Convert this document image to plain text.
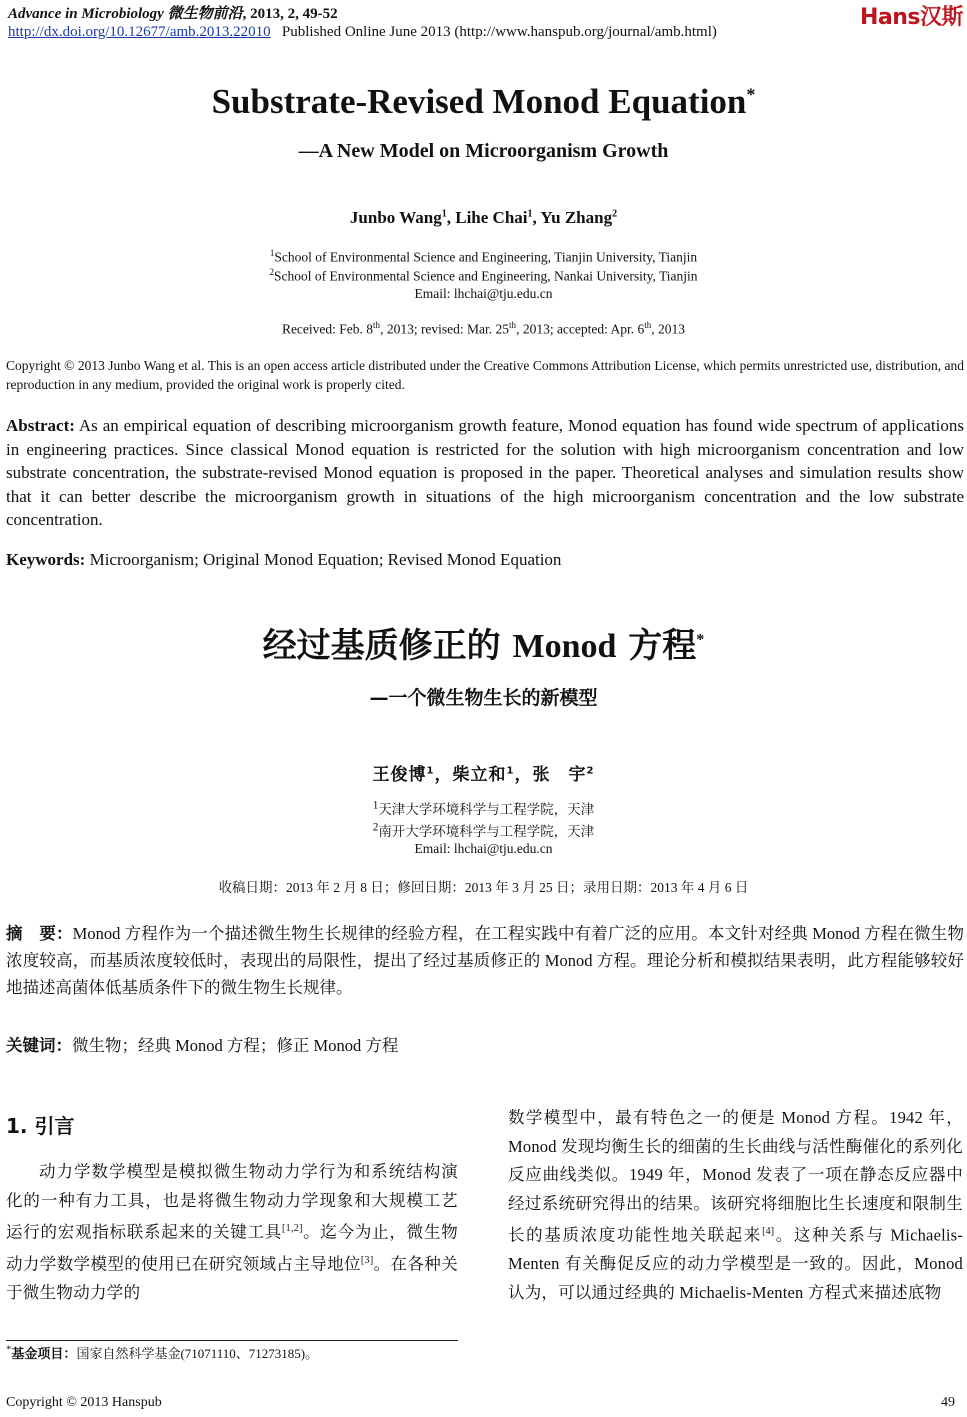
Advance in Microbiology 微生物前沿, 2013, 2, 49-52
http://dx.doi.org/10.12677/amb.2013.22010 Published Online June 2013 (http://www.hanspub.org/journal/amb.html)
Hans汉斯
Substrate-Revised Monod Equation*
—A New Model on Microorganism Growth
Junbo Wang$^1$, Lihe Chai$^1$, Yu Zhang$^2$
$^1$School of Environmental Science and Engineering, Tianjin University, Tianjin
$^2$School of Environmental Science and Engineering, Nankai University, Tianjin
Email: lhchai@tju.edu.cn
Received: Feb. 8th, 2013; revised: Mar. 25th, 2013; accepted: Apr. 6th, 2013
Copyright © 2013 Junbo Wang et al. This is an open access article distributed under the Creative Commons Attribution License, which permits unrestricted use, distribution, and reproduction in any medium, provided the original work is properly cited.
Abstract: As an empirical equation of describing microorganism growth feature, Monod equation has found wide spectrum of applications in engineering practices. Since classical Monod equation is restricted for the solution with high microorganism concentration and low substrate concentration, the substrate-revised Monod equation is proposed in the paper. Theoretical analyses and simulation results show that it can better describe the microorganism growth in situations of the high microorganism concentration and the low substrate concentration.
Keywords: Microorganism; Original Monod Equation; Revised Monod Equation
经过基质修正的 Monod 方程*
—一个微生物生长的新模型
王俊博$^1$，柴立和$^1$，张　宇$^2$
$^1$天津大学环境科学与工程学院，天津
$^2$南开大学环境科学与工程学院，天津
Email: lhchai@tju.edu.cn
收稿日期：2013 年 2 月 8 日；修回日期：2013 年 3 月 25 日；录用日期：2013 年 4 月 6 日
摘　要：Monod 方程作为一个描述微生物生长规律的经验方程，在工程实践中有着广泛的应用。本文针对经典 Monod 方程在微生物浓度较高，而基质浓度较低时，表现出的局限性，提出了经过基质修正的 Monod 方程。理论分析和模拟结果表明，此方程能够较好地描述高菌体低基质条件下的微生物生长规律。
关键词：微生物；经典 Monod 方程；修正 Monod 方程
1. 引言
动力学数学模型是模拟微生物动力学行为和系统结构演化的一种有力工具，也是将微生物动力学现象和大规模工艺运行的宏观指标联系起来的关键工具[1,2]。迄今为止，微生物动力学数学模型的使用已在研究领域占主导地位[3]。在各种关于微生物动力学的
数学模型中，最有特色之一的便是 Monod 方程。1942 年，Monod 发现均衡生长的细菌的生长曲线与活性酶催化的系列化反应曲线类似。1949 年，Monod 发表了一项在静态反应器中经过系统研究得出的结果。该研究将细胞比生长速度和限制生长的基质浓度功能性地关联起来[4]。这种关系与 Michaelis-Menten 有关酶促反应的动力学模型是一致的。因此，Monod 认为，可以通过经典的 Michaelis-Menten 方程式来描述底物
*基金项目：国家自然科学基金(71071110、71273185)。
Copyright © 2013 Hanspub	49
